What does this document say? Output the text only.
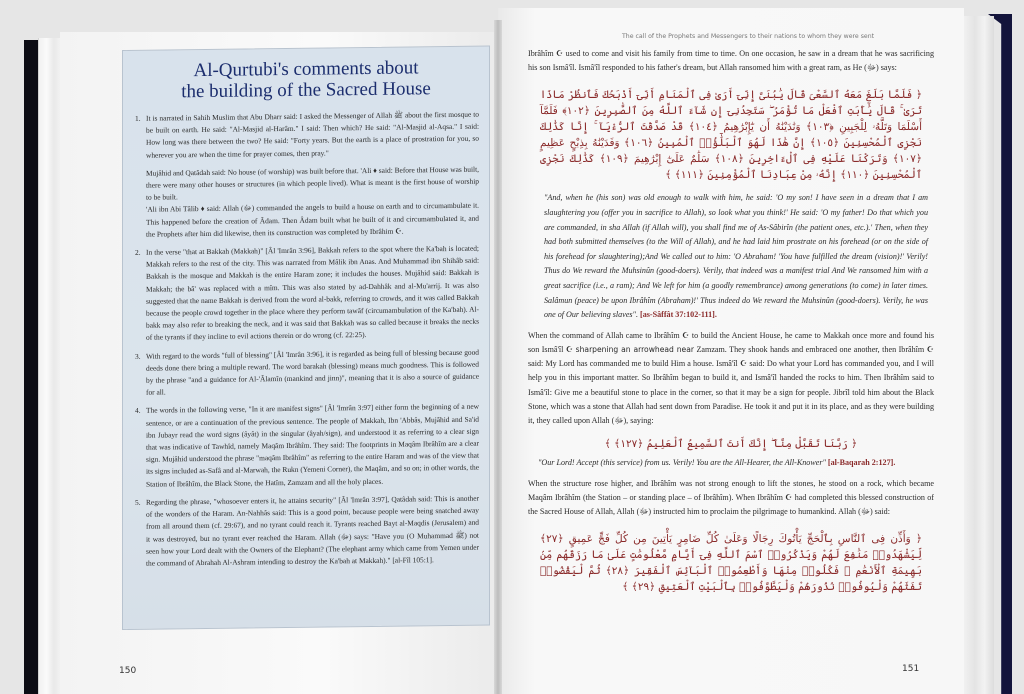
Al-Qurtubi's comments about
the building of the Sacred House
1. It is narrated in Sahih Muslim that Abu Dharr said: I asked the Messenger of Allah ﷺ about the first mosque to be built on earth. He said: "Al-Masjid al-Harâm." I said: Then which? He said: "Al-Masjid al-Aqsa." I said: How long was there between the two? He said: "Forty years. But the earth is a place of prostration for you, so wherever you are when the time for prayer comes, then pray."

Mujâhid and Qatâdah said: No house (of worship) was built before that. 'Ali ♦ said: Before that House was built, there were many other houses or structures (in which people lived). What is meant is the first house of worship to be built.

'Ali ibn Abi Tâlib ♦ said: Allah (ﷻ) commanded the angels to build a house on earth and to circumambulate it. This happened before the creation of Âdam. Then Âdam built what he built of it and circumambulated it, and the Prophets after him did likewise, then its construction was completed by Ibrâhim ☪.

2. In the verse "that at Bakkah (Makkah)" [Âl 'Imrân 3:96], Bakkah refers to the spot where the Ka'bah is located; Makkah refers to the rest of the city. This was narrated from Mâlik ibn Anas. And Muhammad ibn Shihâb said: Bakkah is the mosque and Makkah is the entire Haram zone; it includes the houses. Mujâhid said: Bakkah is Makkah; the bâ' was replaced with a mîm. This was also stated by ad-Dahhâk and al-Mu'arrij. It was also suggested that the name Bakkah is derived from the word al-bakk, referring to crowds, and it was called Bakkah because the people crowd together in the place where they perform tawâf (circumambulation of the Ka'bah). Al-bakk may also refer to breaking the neck, and it was said that Bakkah was so called because it breaks the necks of the tyrants if they incline to evil actions therein or do wrong (cf. 22:25).

3. With regard to the words "full of blessing" [Âl 'Imrân 3:96], it is regarded as being full of blessing because good deeds done there bring a multiple reward. The word barakah (blessing) means much goodness. This is followed by the phrase "and a guidance for Al-'Âlamîn (mankind and jinn)", meaning that it is also a source of guidance for all.

4. The words in the following verse, "In it are manifest signs" [Âl 'Imrân 3:97] either form the beginning of a new sentence, or are a continuation of the previous sentence. The people of Makkah, Ibn 'Abbâs, Mujâhid and Sa'id ibn Jubayr read the word signs (âyât) in the singular (âyah/sign), and understood it as referring to a clear sign that was indicative of Tawhîd, namely Maqâm Ibrâhîm. They said: The footprints in Maqâm Ibrâhîm are a clear sign. Mujâhid understood the phrase "maqâm Ibrâhîm" as referring to the entire Haram and was of the view that its signs included as-Safâ and al-Marwah, the Rukn (Yemeni Corner), the Maqâm, and so on; in other words, the Station of Ibrâhîm, the Black Stone, the Hatîm, Zamzam and all the holy places.

5. Regarding the phrase, "whosoever enters it, he attains security" [Âl 'Imrân 3:97], Qatâdah said: This is another of the wonders of the Haram. An-Nahhâs said: This is a good point, because people were being snatched away from all around them (cf. 29:67), and no tyrant could reach it. Tyrants reached Bayt al-Maqdis (Jerusalem) and it was destroyed, but no tyrant ever reached the Haram. Allah (ﷻ) says: "Have you (O Muhammad ﷺ) not seen how your Lord dealt with the Owners of the Elephant? (The elephant army which came from Yemen under the command of Abrahah Al-Ashram intending to destroy the Ka'bah at Makkah)." [al-Fîl 105:1].

150
The call of the Prophets and Messengers to their nations to whom they were sent

Ibrâhîm ☪ used to come and visit his family from time to time. On one occasion, he saw in a dream that he was sacrificing his son Ismâ'îl. Ismâ'îl responded to his father's dream, but Allah ransomed him with a great ram, as He (ﷻ) says:

﴿ فَلَمَّا بَلَغَ مَعَهُ ٱلسَّعْىَ قَالَ يَٰبُنَىَّ إِنِّىٓ أَرَىٰ فِى ٱلْمَنَامِ أَنِّىٓ أَذْبَحُكَ فَٱنظُرْ مَاذَا تَرَىٰ ۚ قَالَ يَٰٓأَبَتِ ٱفْعَلْ مَا تُؤْمَرُ ۖ سَتَجِدُنِىٓ إِن شَآءَ ٱللَّهُ مِنَ ٱلصَّٰبِرِينَ ﴿١٠٢﴾ فَلَمَّآ أَسْلَمَا وَتَلَّهُۥ لِلْجَبِينِ ﴿١٠٣﴾ وَنَٰدَيْنَٰهُ أَن يَٰٓإِبْرَٰهِيمُ ﴿١٠٤﴾ قَدْ صَدَّقْتَ ٱلرُّءْيَآ ۚ إِنَّا كَذَٰلِكَ نَجْزِى ٱلْمُحْسِنِينَ ﴿١٠٥﴾ إِنَّ هَٰذَا لَهُوَ ٱلْبَلَٰٓؤُا۟ ٱلْمُبِينُ ﴿١٠٦﴾ وَفَدَيْنَٰهُ بِذِبْحٍ عَظِيمٍ ﴿١٠٧﴾ وَتَرَكْنَا عَلَيْهِ فِى ٱلْءَاخِرِينَ ﴿١٠٨﴾ سَلَٰمٌ عَلَىٰٓ إِبْرَٰهِيمَ ﴿١٠٩﴾ كَذَٰلِكَ نَجْزِى ٱلْمُحْسِنِينَ ﴿١١٠﴾ إِنَّهُۥ مِنْ عِبَادِنَا ٱلْمُؤْمِنِينَ ﴿١١١﴾ ﴾

"And, when he (his son) was old enough to walk with him, he said: 'O my son! I have seen in a dream that I am slaughtering you (offer you in sacrifice to Allah), so look what you think!' He said: 'O my father! Do that which you are commanded, in sha Allah (if Allah will), you shall find me of As-Sâbirîn (the patient ones, etc.).' Then, when they had both submitted themselves (to the Will of Allah), and he had laid him prostrate on his forehead (or on the side of his forehead for slaughtering);And We called out to him: 'O Abraham! 'You have fulfilled the dream (vision)!' Verily! Thus do We reward the Muhsinûn (good-doers). Verily, that indeed was a manifest trial And We ransomed him with a great sacrifice (i.e., a ram); And We left for him (a goodly remembrance) among generations (to come) in later times. Salâmun (peace) be upon Ibrâhîm (Abraham)!' Thus indeed do We reward the Muhsinûn (good-doers). Verily, he was one of Our believing slaves". [as-Sâffât 37:102-111].

When the command of Allah came to Ibrâhîm ☪ to build the Ancient House, he came to Makkah once more and found his son Ismâ'îl ☪ sharpening an arrowhead near Zamzam. They shook hands and embraced one another, then Ibrâhîm ☪ said: My Lord has commanded me to build Him a house. Ismâ'îl ☪ said: Do what your Lord has commanded you, and I will help you in this important matter. So Ibrâhîm began to build it, and Ismâ'îl handed the rocks to him. Then Ibrâhîm said to Ismâ'îl: Give me a beautiful stone to place in the corner, so that it may be a sign for people. Jibrîl told him about the Black Stone, which was a stone that Allah had sent down from Paradise. He took it and put it in its place, and as they were building it, they called upon Allah (ﷻ), saying:

﴿ رَبَّنَا تَقَبَّلْ مِنَّآ ۖ إِنَّكَ أَنتَ ٱلسَّمِيعُ ٱلْعَلِيمُ ﴿١٢٧﴾ ﴾

"Our Lord! Accept (this service) from us. Verily! You are the All-Hearer, the All-Knower" [al-Baqarah 2:127].

When the structure rose higher, and Ibrâhîm was not strong enough to lift the stones, he stood on a rock, which became Maqâm Ibrâhîm (the Station – or standing place – of Ibrâhîm). When Ibrâhîm ☪ had completed this blessed construction of the Sacred House of Allah, Allah (ﷻ) instructed him to proclaim the pilgrimage to humankind. Allah (ﷻ) said:

﴿ وَأَذِّن فِى ٱلنَّاسِ بِٱلْحَجِّ يَأْتُوكَ رِجَالًا وَعَلَىٰ كُلِّ ضَامِرٍ يَأْتِينَ مِن كُلِّ فَجٍّ عَمِيقٍ ﴿٢٧﴾ لِّيَشْهَدُوا۟ مَنَٰفِعَ لَهُمْ وَيَذْكُرُوا۟ ٱسْمَ ٱللَّهِ فِىٓ أَيَّامٍ مَّعْلُومَٰتٍ عَلَىٰ مَا رَزَقَهُم مِّنۢ بَهِيمَةِ ٱلْأَنْعَٰمِ ۖ فَكُلُوا۟ مِنْهَا وَأَطْعِمُوا۟ ٱلْبَآئِسَ ٱلْفَقِيرَ ﴿٢٨﴾ ثُمَّ لْيَقْضُوا۟ تَفَثَهُمْ وَلْيُوفُوا۟ نُذُورَهُمْ وَلْيَطَّوَّفُوا۟ بِٱلْبَيْتِ ٱلْعَتِيقِ ﴿٢٩﴾ ﴾
151
